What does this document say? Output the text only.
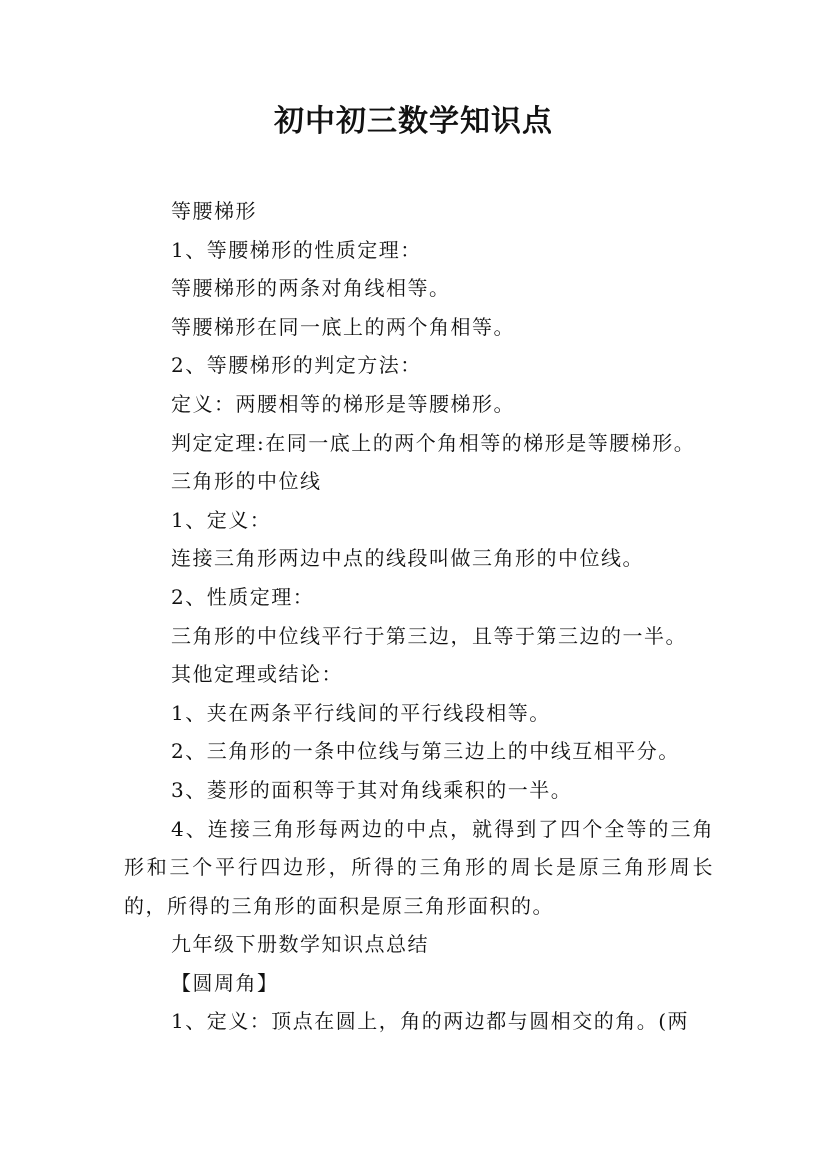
初中初三数学知识点

等腰梯形

1、等腰梯形的性质定理：

等腰梯形的两条对角线相等。

等腰梯形在同一底上的两个角相等。

2、等腰梯形的判定方法：

定义：两腰相等的梯形是等腰梯形。

判定定理:在同一底上的两个角相等的梯形是等腰梯形。

三角形的中位线

1、定义：

连接三角形两边中点的线段叫做三角形的中位线。

2、性质定理：

三角形的中位线平行于第三边，且等于第三边的一半。

其他定理或结论：

1、夹在两条平行线间的平行线段相等。

2、三角形的一条中位线与第三边上的中线互相平分。

3、菱形的面积等于其对角线乘积的一半。

4、连接三角形每两边的中点，就得到了四个全等的三角形和三个平行四边形，所得的三角形的周长是原三角形周长的，所得的三角形的面积是原三角形面积的。

九年级下册数学知识点总结

【圆周角】

1、定义：顶点在圆上，角的两边都与圆相交的角。(两
